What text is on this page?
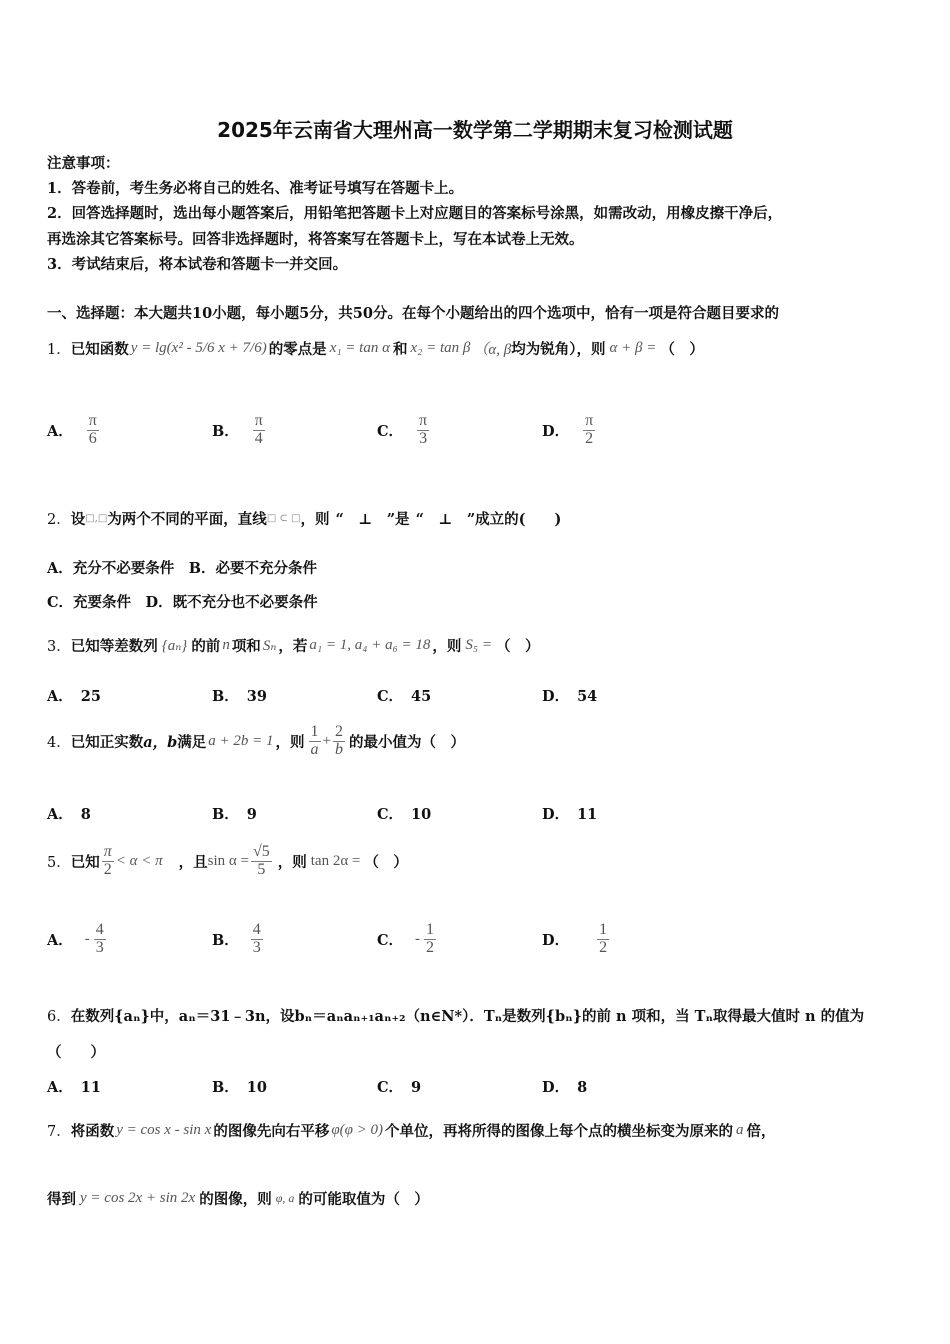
2025年云南省大理州高一数学第二学期期末复习检测试题
注意事项：
1．答卷前，考生务必将自己的姓名、准考证号填写在答题卡上。
2．回答选择题时，选出每小题答案后，用铅笔把答题卡上对应题目的答案标号涂黑，如需改动，用橡皮擦干净后，
再选涂其它答案标号。回答非选择题时，将答案写在答题卡上，写在本试卷上无效。
3．考试结束后，将本试卷和答题卡一并交回。
一、选择题：本大题共10小题，每小题5分，共50分。在每个小题给出的四个选项中，恰有一项是符合题目要求的
1． 已知函数 y = lg(x² - 5/6 x + 7/6) 的零点是 x₁ = tan α 和 x₂ = tan β （α, β 均为锐角），则 α + β = （　）
A． $\frac{\pi}{6}$	B． $\frac{\pi}{4}$	C． $\frac{\pi}{3}$	D． $\frac{\pi}{2}$
2． 设 □,□ 为两个不同的平面，直线 □ ⊂ □ ，则 “　⊥　”是 “　⊥　”成立的(　　)
A．充分不必要条件　B．必要不充分条件
C．充要条件　D．既不充分也不必要条件
3． 已知等差数列 {aₙ} 的前 n 项和 Sₙ ，若 a₁ = 1, a₄ + a₆ = 18 ，则 S₅ = （　）
A． 25	B． 39	C． 45	D． 54
4． 已知正实数 a，b 满足 a + 2b = 1 ，则 $\frac{1}{a} + \frac{2}{b}$ 的最小值为（　）
A． 8	B． 9	C． 10	D． 11
5． 已知 $\frac{\pi}{2} < \alpha < \pi$ ，且 $\sin \alpha = \frac{√5}{5}$ ，则 tan 2α = （　）
A． - $\frac{4}{3}$	B． $\frac{4}{3}$	C． - $\frac{1}{2}$	D． $\frac{1}{2}$
6． 在数列{aₙ}中，aₙ＝31﹣3n，设bₙ＝aₙaₙ₊₁aₙ₊₂（n∈N*）．Tₙ是数列{bₙ}的前 n 项和，当 Tₙ取得最大值时 n 的值为
（　　）
A． 11	B． 10	C． 9	D． 8
7． 将函数 y = cos x - sin x 的图像先向右平移 φ(φ > 0) 个单位，再将所得的图像上每个点的横坐标变为原来的 a 倍，
得到 y = cos 2x + sin 2x 的图像，则 φ, a 的可能取值为（　）
